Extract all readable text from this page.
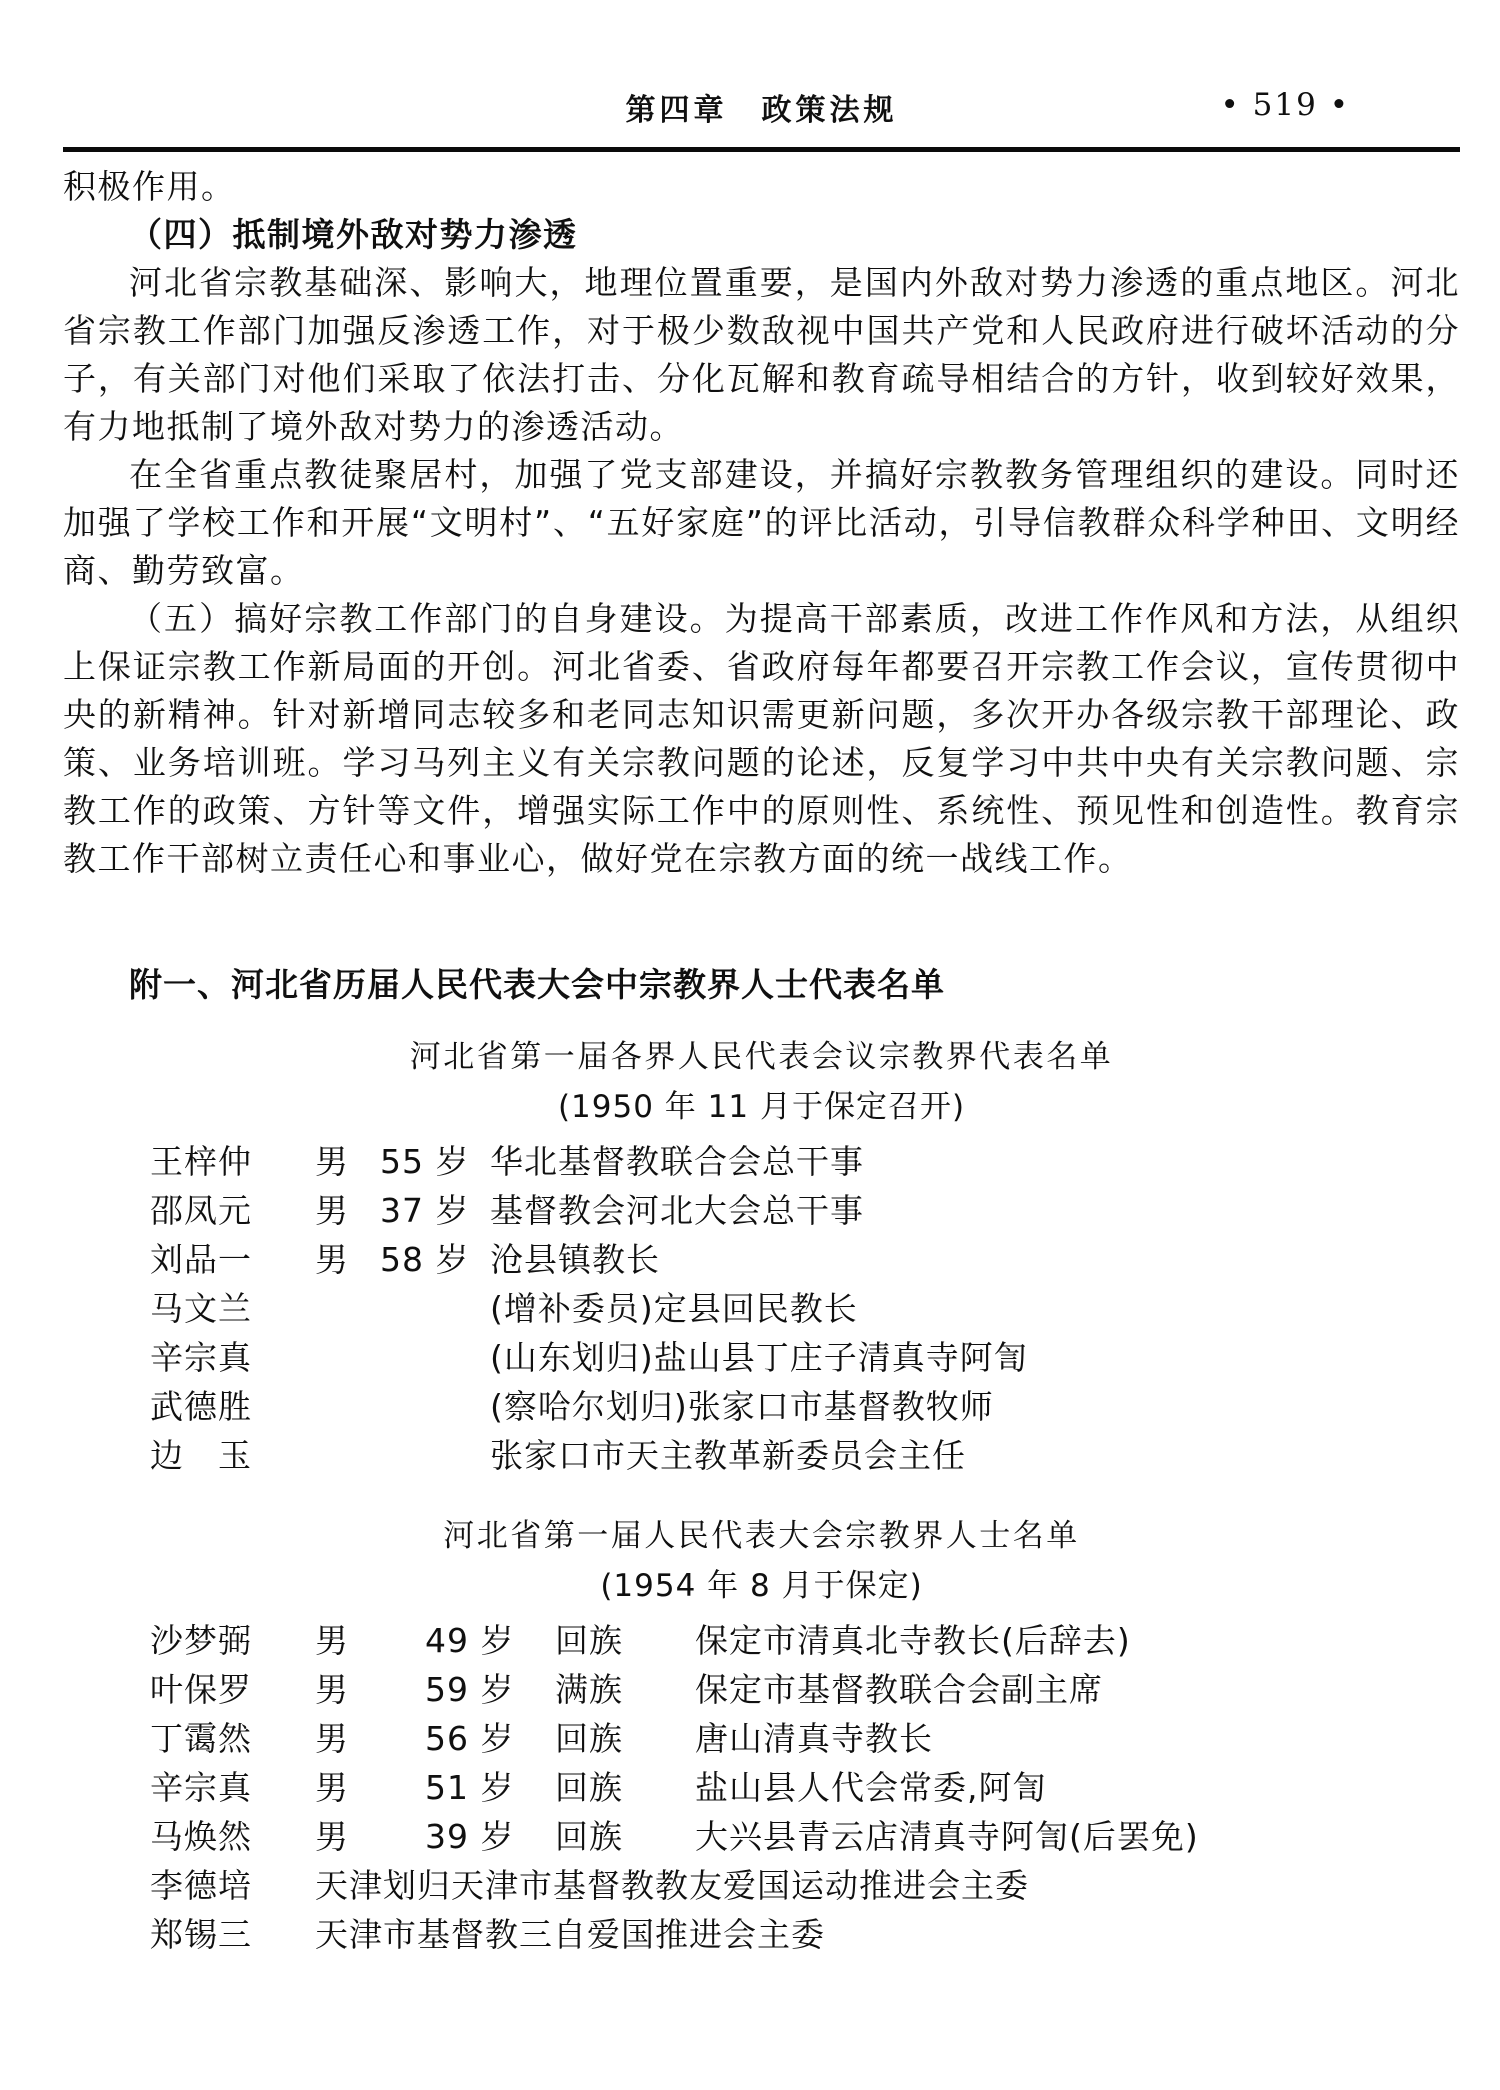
第四章　政策法规	• 519 •

积极作用。

（四）抵制境外敌对势力渗透

河北省宗教基础深、影响大，地理位置重要，是国内外敌对势力渗透的重点地区。河北省宗教工作部门加强反渗透工作，对于极少数敌视中国共产党和人民政府进行破坏活动的分子，有关部门对他们采取了依法打击、分化瓦解和教育疏导相结合的方针，收到较好效果，有力地抵制了境外敌对势力的渗透活动。

在全省重点教徒聚居村，加强了党支部建设，并搞好宗教教务管理组织的建设。同时还加强了学校工作和开展“文明村”、“五好家庭”的评比活动，引导信教群众科学种田、文明经商、勤劳致富。

（五）搞好宗教工作部门的自身建设。为提高干部素质，改进工作作风和方法，从组织上保证宗教工作新局面的开创。河北省委、省政府每年都要召开宗教工作会议，宣传贯彻中央的新精神。针对新增同志较多和老同志知识需更新问题，多次开办各级宗教干部理论、政策、业务培训班。学习马列主义有关宗教问题的论述，反复学习中共中央有关宗教问题、宗教工作的政策、方针等文件，增强实际工作中的原则性、系统性、预见性和创造性。教育宗教工作干部树立责任心和事业心，做好党在宗教方面的统一战线工作。

附一、河北省历届人民代表大会中宗教界人士代表名单
河北省第一届各界人民代表会议宗教界代表名单
(1950 年 11 月于保定召开)
王梓仲	男 55 岁 华北基督教联合会总干事
邵凤元	男 37 岁 基督教会河北大会总干事
刘品一	男 58 岁 沧县镇教长
马文兰	(增补委员)定县回民教长
辛宗真	(山东划归)盐山县丁庄子清真寺阿訇
武德胜	(察哈尔划归)张家口市基督教牧师
边　玉	张家口市天主教革新委员会主任
河北省第一届人民代表大会宗教界人士名单
(1954 年 8 月于保定)
沙梦弼	男	49 岁	回族	保定市清真北寺教长(后辞去)
叶保罗	男	59 岁	满族	保定市基督教联合会副主席
丁霭然	男	56 岁	回族	唐山清真寺教长
辛宗真	男	51 岁	回族	盐山县人代会常委,阿訇
马焕然	男	39 岁	回族	大兴县青云店清真寺阿訇(后罢免)
李德培	天津划归天津市基督教教友爱国运动推进会主委
郑锡三	天津市基督教三自爱国推进会主委
